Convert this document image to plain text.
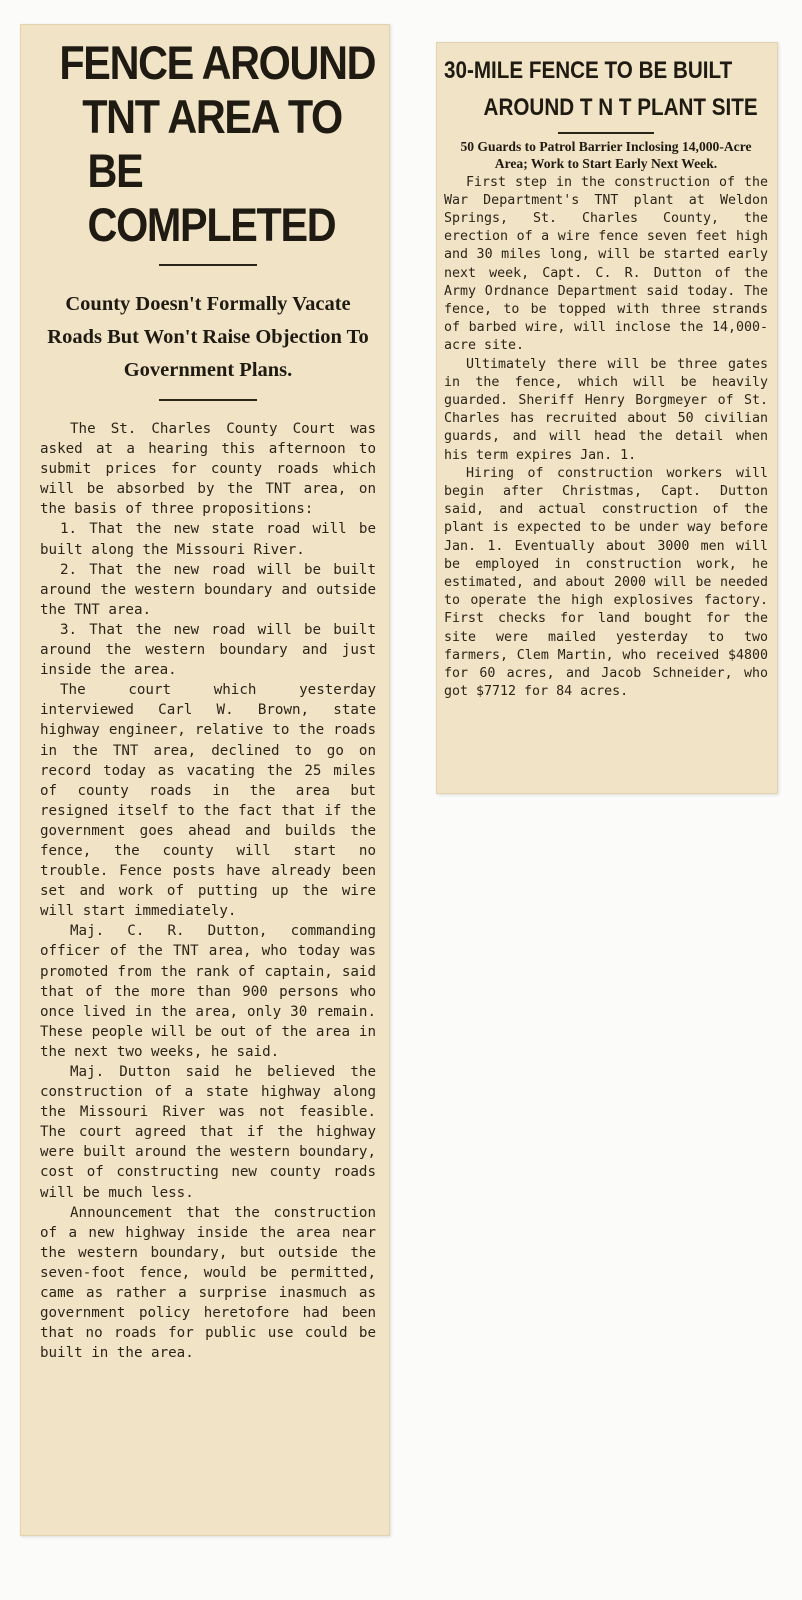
FENCE AROUND
TNT AREA TO
BE COMPLETED
County Doesn't Formally Vacate Roads But Won't Raise Objection To Government Plans.

The St. Charles County Court was asked at a hearing this afternoon to submit prices for county roads which will be absorbed by the TNT area, on the basis of three propositions:

1. That the new state road will be built along the Missouri River.

2. That the new road will be built around the western boundary and outside the TNT area.

3. That the new road will be built around the western boundary and just inside the area.

The court which yesterday interviewed Carl W. Brown, state highway engineer, relative to the roads in the TNT area, declined to go on record today as vacating the 25 miles of county roads in the area but resigned itself to the fact that if the government goes ahead and builds the fence, the county will start no trouble. Fence posts have already been set and work of putting up the wire will start immediately.

Maj. C. R. Dutton, commanding officer of the TNT area, who today was promoted from the rank of captain, said that of the more than 900 persons who once lived in the area, only 30 remain. These people will be out of the area in the next two weeks, he said.

Maj. Dutton said he believed the construction of a state highway along the Missouri River was not feasible. The court agreed that if the highway were built around the western boundary, cost of constructing new county roads will be much less.

Announcement that the construction of a new highway inside the area near the western boundary, but outside the seven-foot fence, would be permitted, came as rather a surprise inasmuch as government policy heretofore had been that no roads for public use could be built in the area.

30-MILE FENCE TO BE BUILT
AROUND T N T PLANT SITE
50 Guards to Patrol Barrier Inclosing 14,000-Acre Area; Work to Start Early Next Week.

First step in the construction of the War Department's TNT plant at Weldon Springs, St. Charles County, the erection of a wire fence seven feet high and 30 miles long, will be started early next week, Capt. C. R. Dutton of the Army Ordnance Department said today. The fence, to be topped with three strands of barbed wire, will inclose the 14,000-acre site.

Ultimately there will be three gates in the fence, which will be heavily guarded. Sheriff Henry Borgmeyer of St. Charles has recruited about 50 civilian guards, and will head the detail when his term expires Jan. 1.

Hiring of construction workers will begin after Christmas, Capt. Dutton said, and actual construction of the plant is expected to be under way before Jan. 1. Eventually about 3000 men will be employed in construction work, he estimated, and about 2000 will be needed to operate the high explosives factory. First checks for land bought for the site were mailed yesterday to two farmers, Clem Martin, who received $4800 for 60 acres, and Jacob Schneider, who got $7712 for 84 acres.
